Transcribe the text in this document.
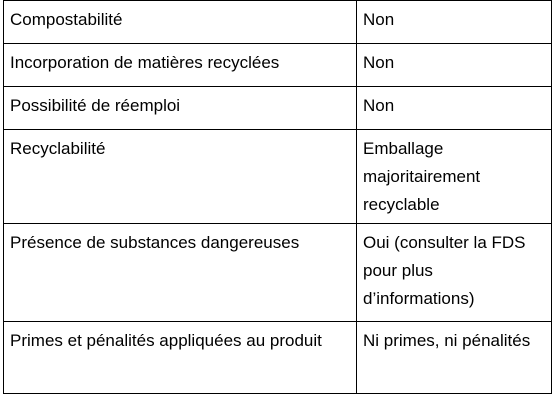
Compostabilité	Non
Incorporation de matières recyclées	Non
Possibilité de réemploi	Non
Recyclabilité	Emballage majoritairement recyclable
Présence de substances dangereuses	Oui (consulter la FDS pour plus d’informations)
Primes et pénalités appliquées au produit	Ni primes, ni pénalités
